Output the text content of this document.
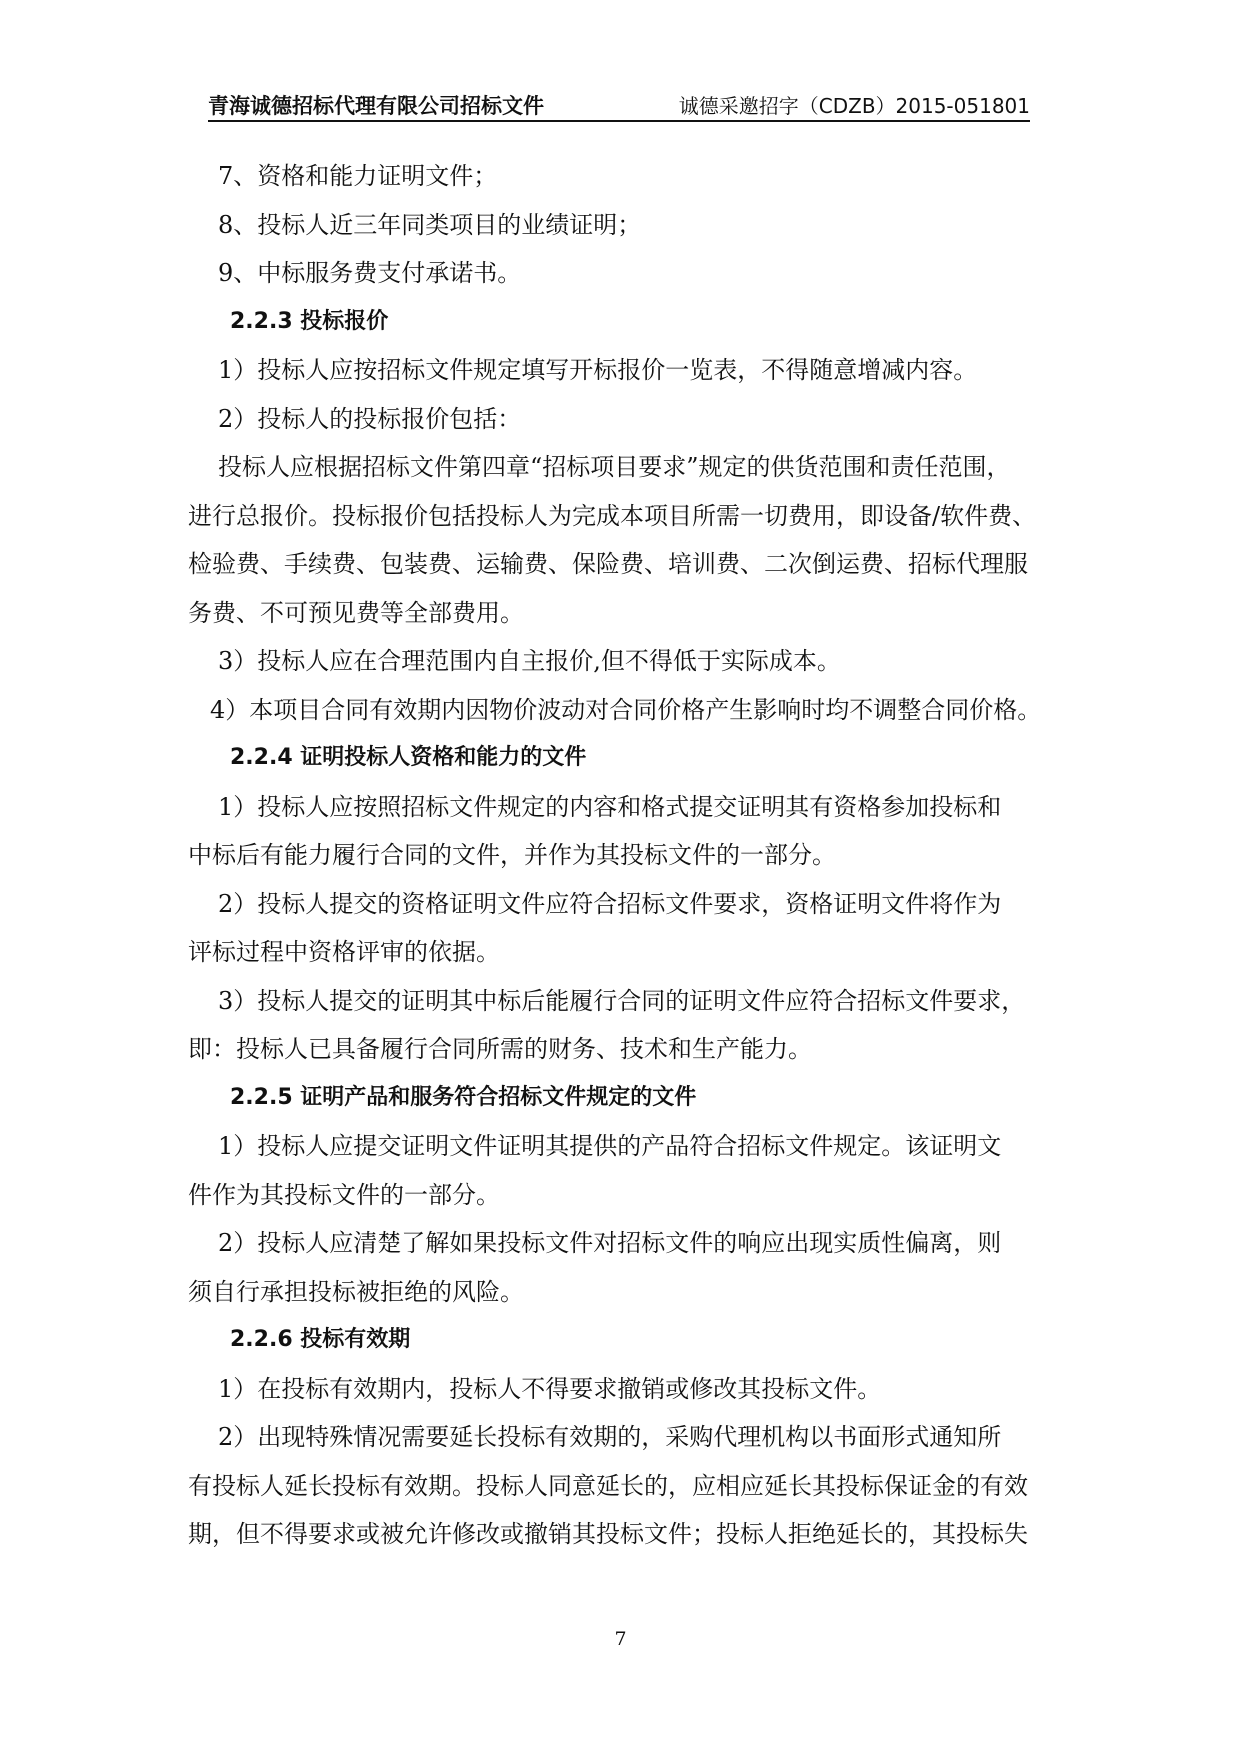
青海诚德招标代理有限公司招标文件	诚德采邀招字（CDZB）2015-051801
7、资格和能力证明文件；
8、投标人近三年同类项目的业绩证明；
9、中标服务费支付承诺书。
2.2.3 投标报价
1）投标人应按招标文件规定填写开标报价一览表，不得随意增减内容。
2）投标人的投标报价包括：
投标人应根据招标文件第四章“招标项目要求”规定的供货范围和责任范围，
进行总报价。投标报价包括投标人为完成本项目所需一切费用，即设备/软件费、
检验费、手续费、包装费、运输费、保险费、培训费、二次倒运费、招标代理服
务费、不可预见费等全部费用。
3）投标人应在合理范围内自主报价,但不得低于实际成本。
4）本项目合同有效期内因物价波动对合同价格产生影响时均不调整合同价格。
2.2.4 证明投标人资格和能力的文件
1）投标人应按照招标文件规定的内容和格式提交证明其有资格参加投标和
中标后有能力履行合同的文件，并作为其投标文件的一部分。
2）投标人提交的资格证明文件应符合招标文件要求，资格证明文件将作为
评标过程中资格评审的依据。
3）投标人提交的证明其中标后能履行合同的证明文件应符合招标文件要求，
即：投标人已具备履行合同所需的财务、技术和生产能力。
2.2.5 证明产品和服务符合招标文件规定的文件
1）投标人应提交证明文件证明其提供的产品符合招标文件规定。该证明文
件作为其投标文件的一部分。
2）投标人应清楚了解如果投标文件对招标文件的响应出现实质性偏离，则
须自行承担投标被拒绝的风险。
2.2.6 投标有效期
1）在投标有效期内，投标人不得要求撤销或修改其投标文件。
2）出现特殊情况需要延长投标有效期的，采购代理机构以书面形式通知所
有投标人延长投标有效期。投标人同意延长的，应相应延长其投标保证金的有效
期，但不得要求或被允许修改或撤销其投标文件；投标人拒绝延长的，其投标失
7
